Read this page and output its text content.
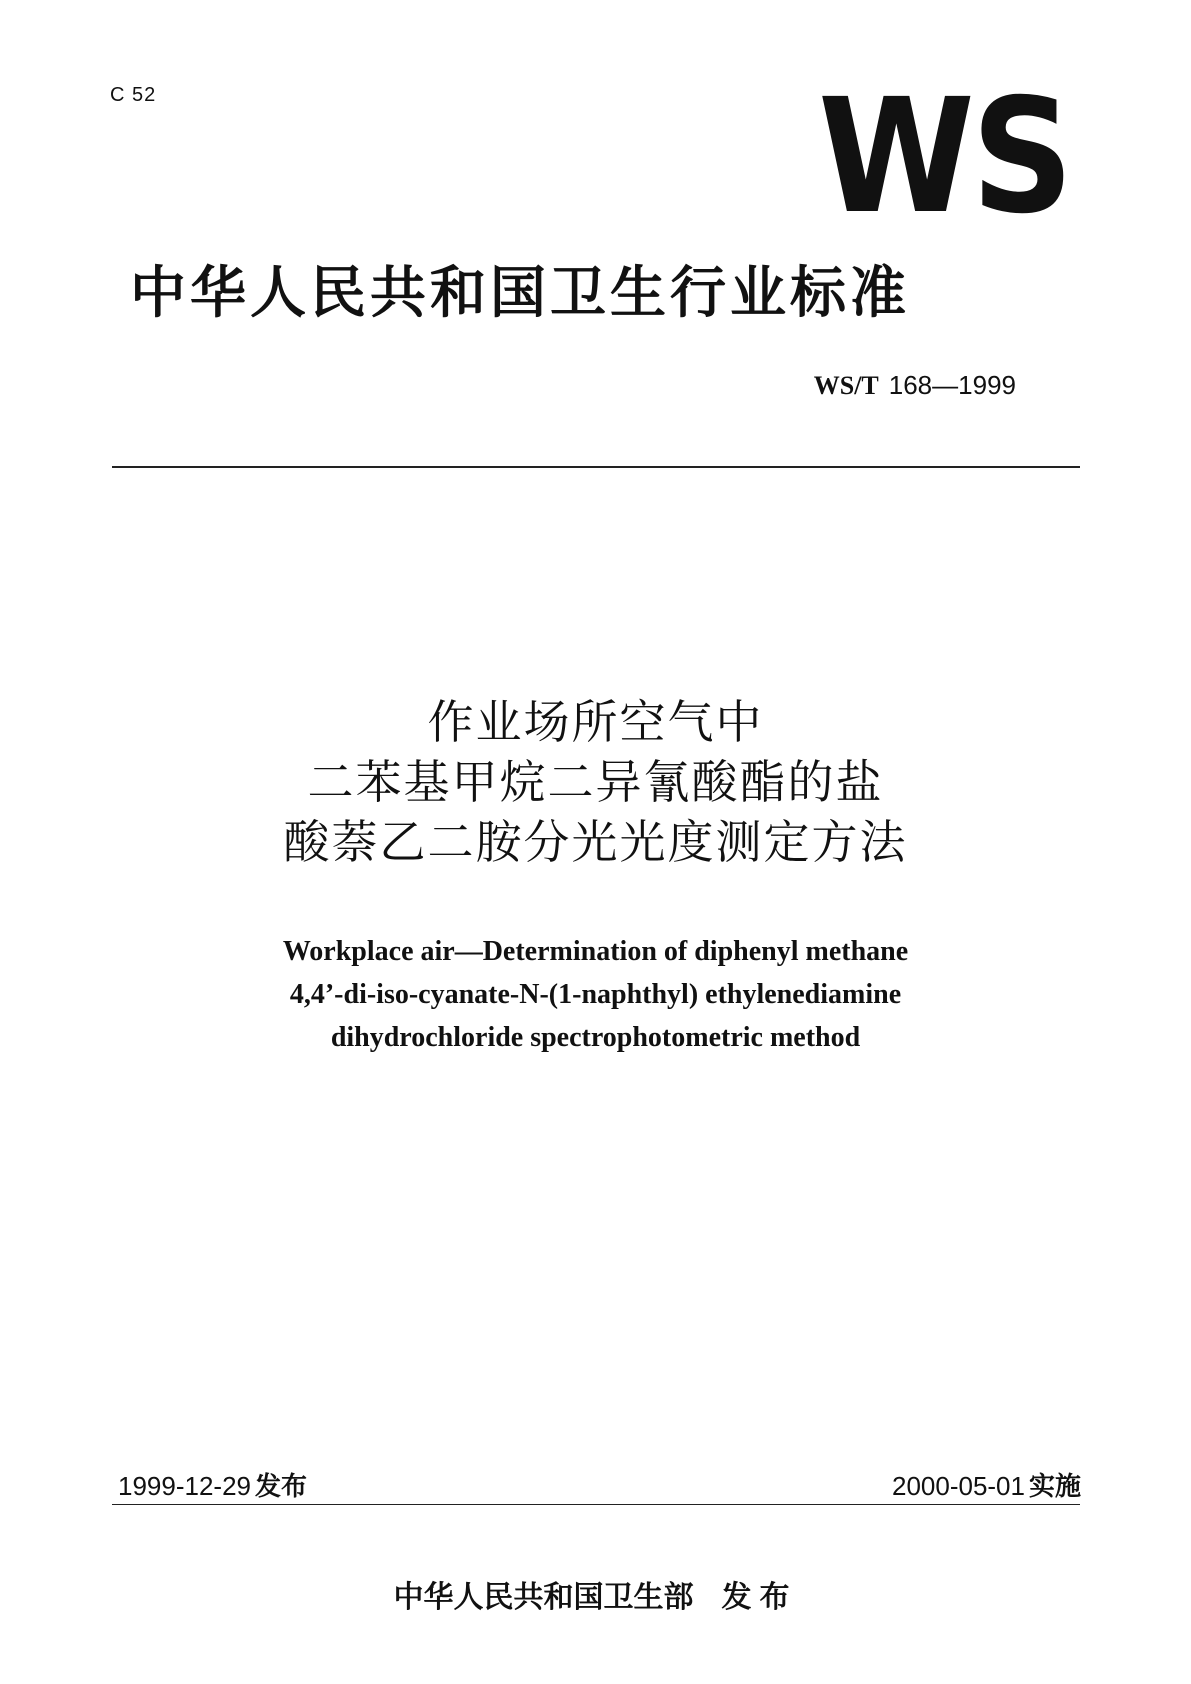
C 52	WS
中华人民共和国卫生行业标准
WS/T 168—1999
作业场所空气中
二苯基甲烷二异氰酸酯的盐
酸萘乙二胺分光光度测定方法
Workplace air—Determination of diphenyl methane
4,4’-di-iso-cyanate-N-(1-naphthyl) ethylenediamine
dihydrochloride spectrophotometric method
1999-12-29 发布	2000-05-01 实施
中华人民共和国卫生部 发布
